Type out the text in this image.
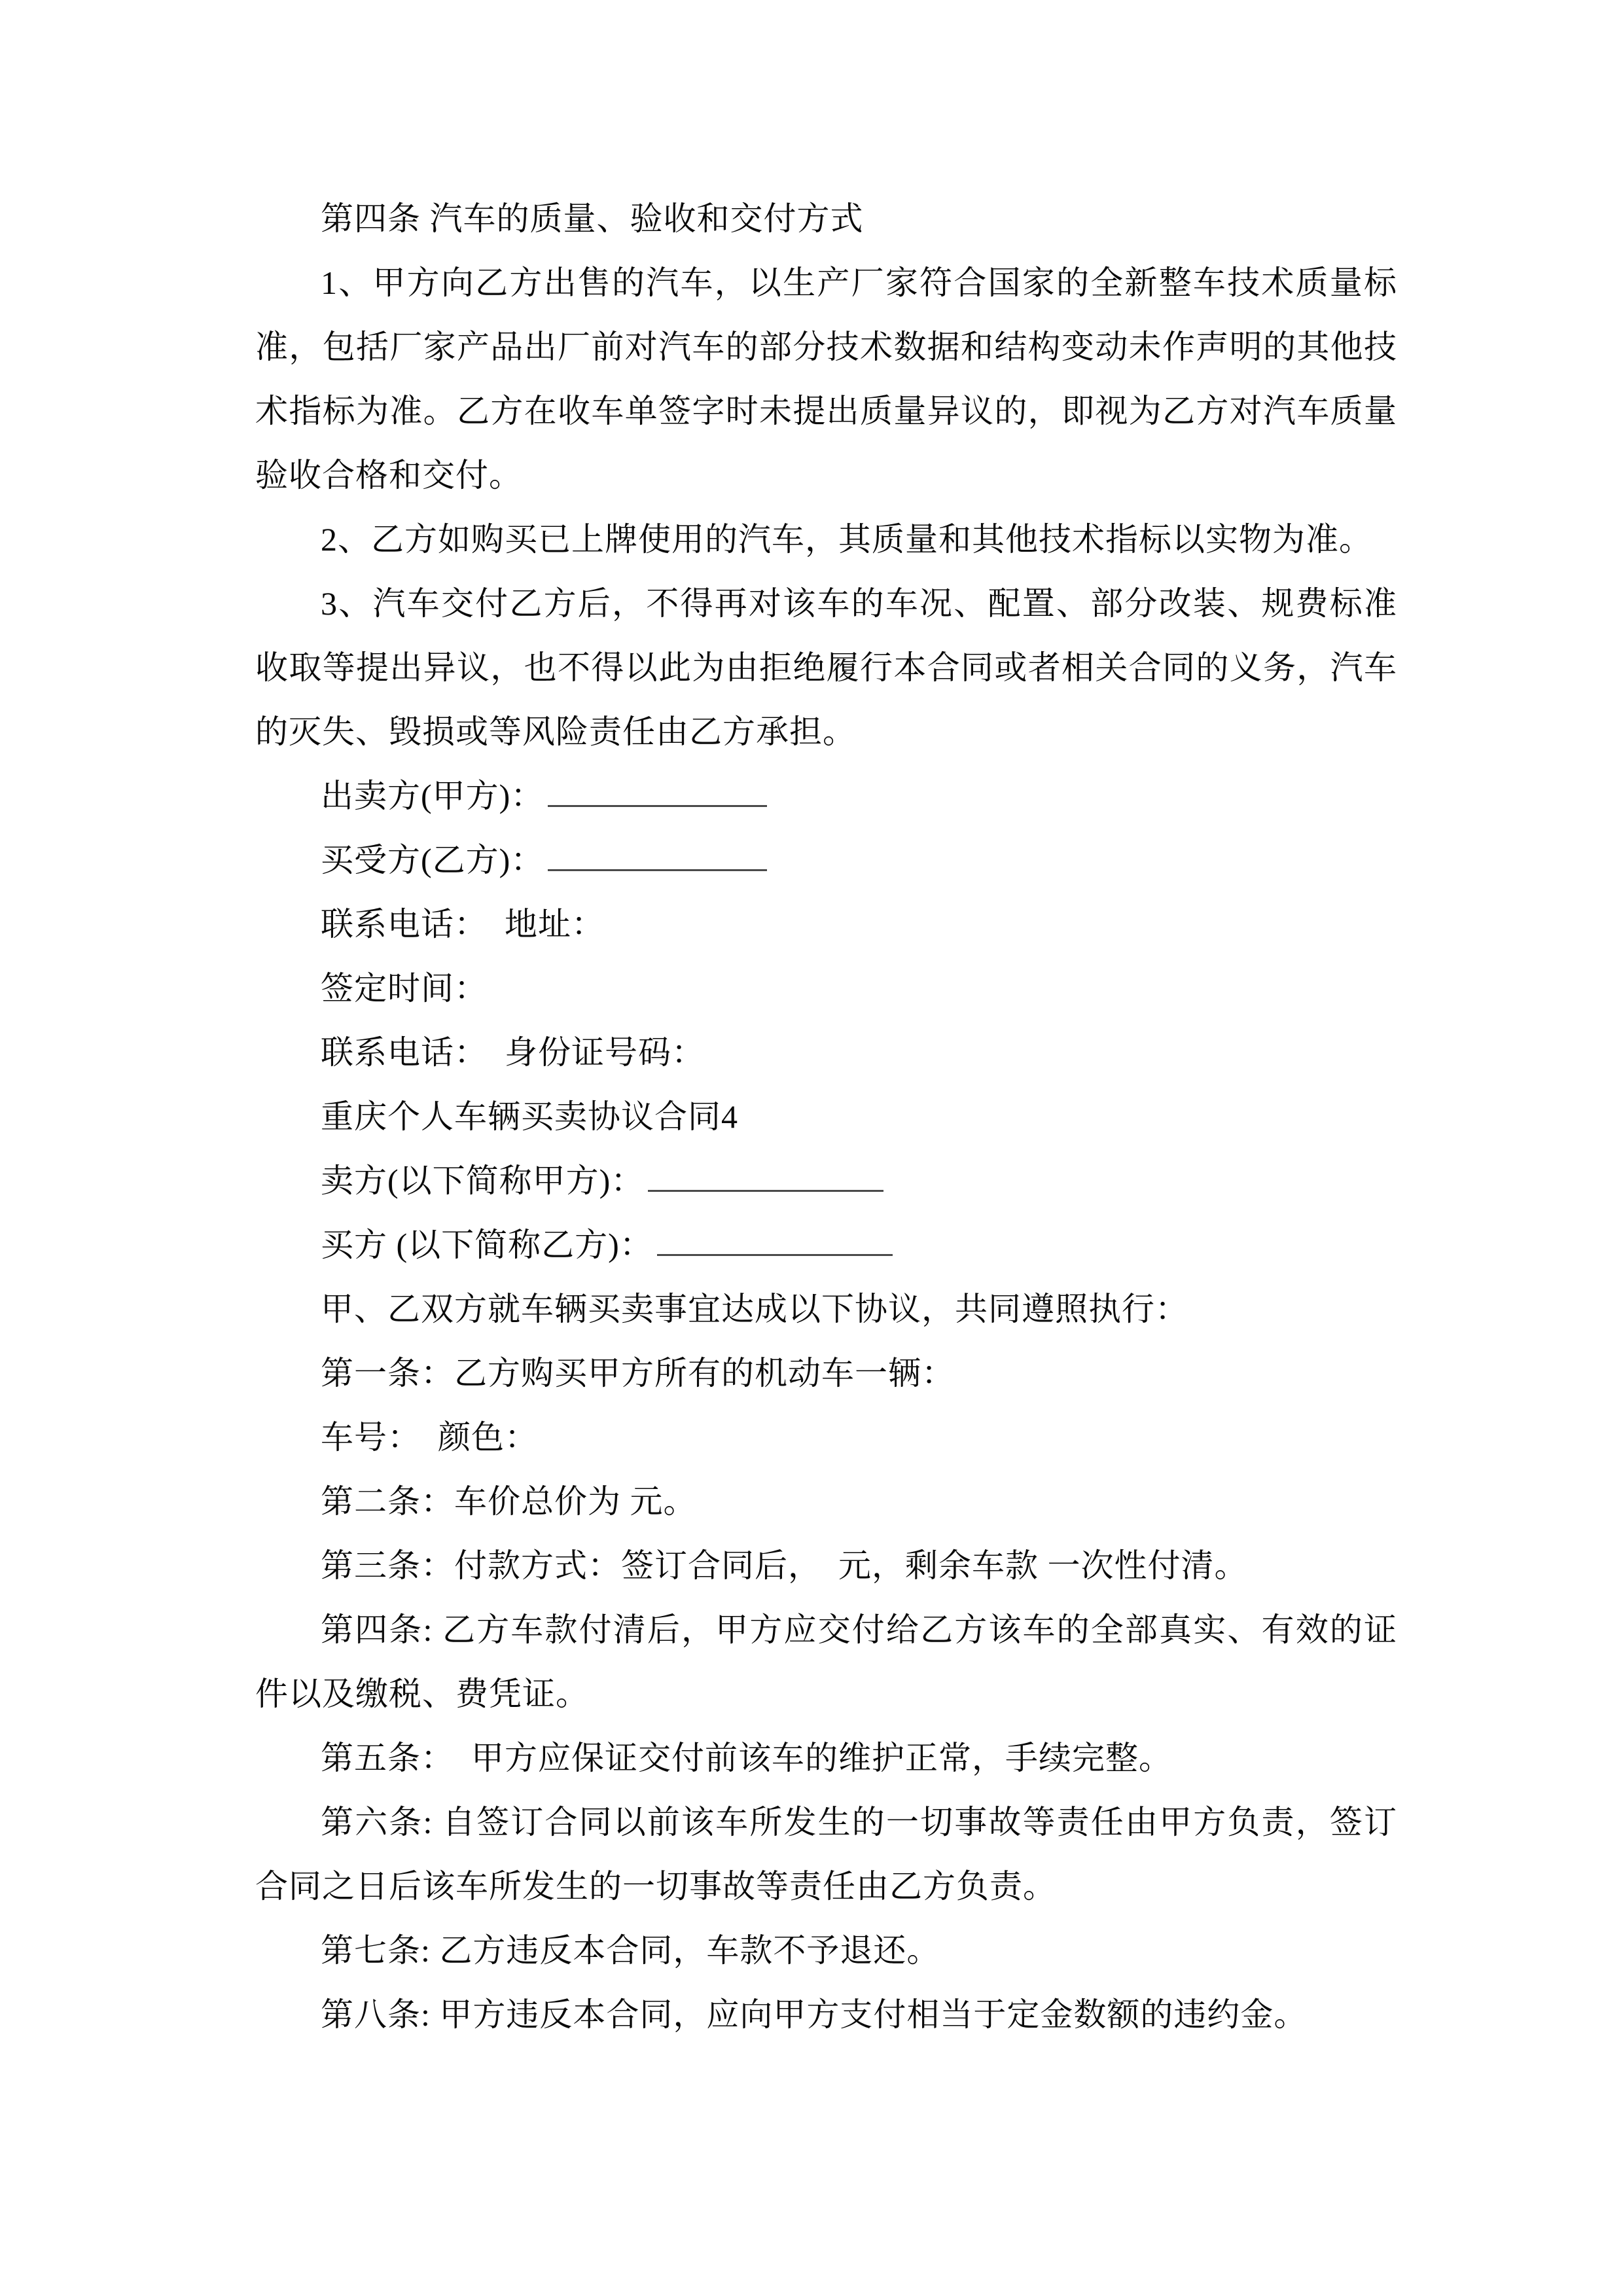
第四条 汽车的质量、验收和交付方式

1、甲方向乙方出售的汽车，以生产厂家符合国家的全新整车技术质量标准，包括厂家产品出厂前对汽车的部分技术数据和结构变动未作声明的其他技术指标为准。乙方在收车单签字时未提出质量异议的，即视为乙方对汽车质量验收合格和交付。

2、乙方如购买已上牌使用的汽车，其质量和其他技术指标以实物为准。

3、汽车交付乙方后，不得再对该车的车况、配置、部分改装、规费标准收取等提出异议，也不得以此为由拒绝履行本合同或者相关合同的义务，汽车的灭失、毁损或等风险责任由乙方承担。

出卖方(甲方)：

买受方(乙方)：

联系电话：　地址：

签定时间：

联系电话：　身份证号码：

重庆个人车辆买卖协议合同4

卖方(以下简称甲方)：

买方 (以下简称乙方)：

甲、乙双方就车辆买卖事宜达成以下协议，共同遵照执行：

第一条：乙方购买甲方所有的机动车一辆：

车号：　颜色：

第二条：车价总价为 元。

第三条：付款方式：签订合同后，　元，剩余车款 一次性付清。

第四条: 乙方车款付清后，甲方应交付给乙方该车的全部真实、有效的证件以及缴税、费凭证。

第五条：　甲方应保证交付前该车的维护正常，手续完整。

第六条: 自签订合同以前该车所发生的一切事故等责任由甲方负责，签订合同之日后该车所发生的一切事故等责任由乙方负责。

第七条: 乙方违反本合同，车款不予退还。

第八条: 甲方违反本合同，应向甲方支付相当于定金数额的违约金。
